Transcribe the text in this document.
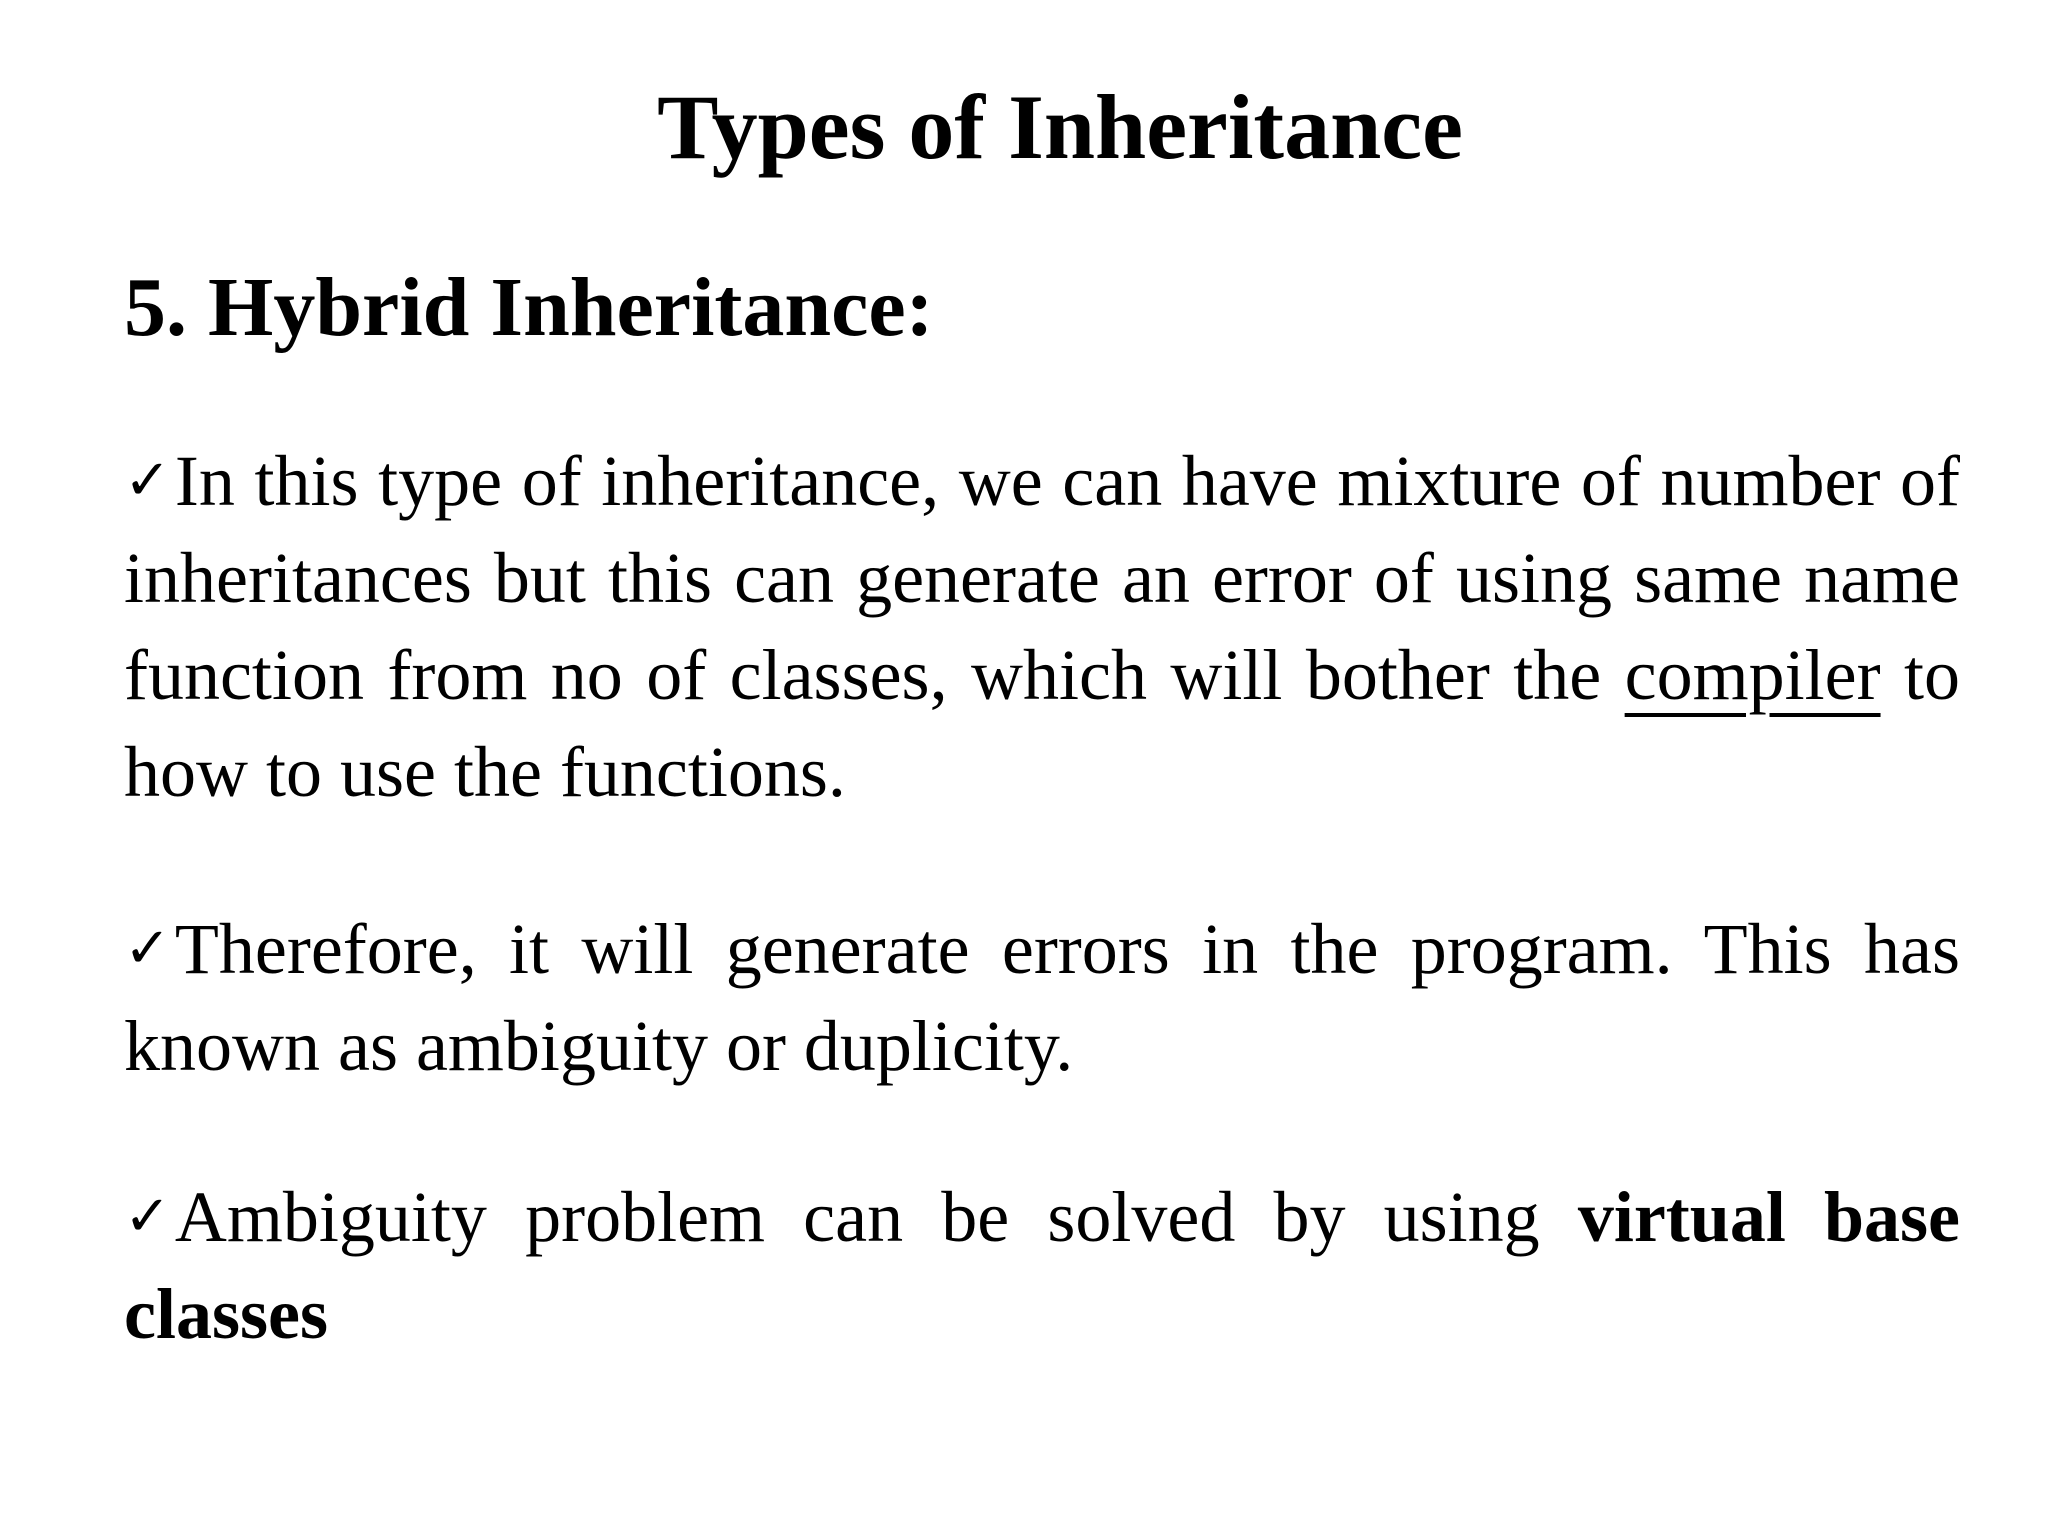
Types of Inheritance
5. Hybrid Inheritance:

✓In this type of inheritance, we can have mixture of number of inheritances but this can generate an error of using same name function from no of classes, which will bother the compiler to how to use the functions.

✓Therefore, it will generate errors in the program. This has known as ambiguity or duplicity.

✓Ambiguity problem can be solved by using virtual base classes
